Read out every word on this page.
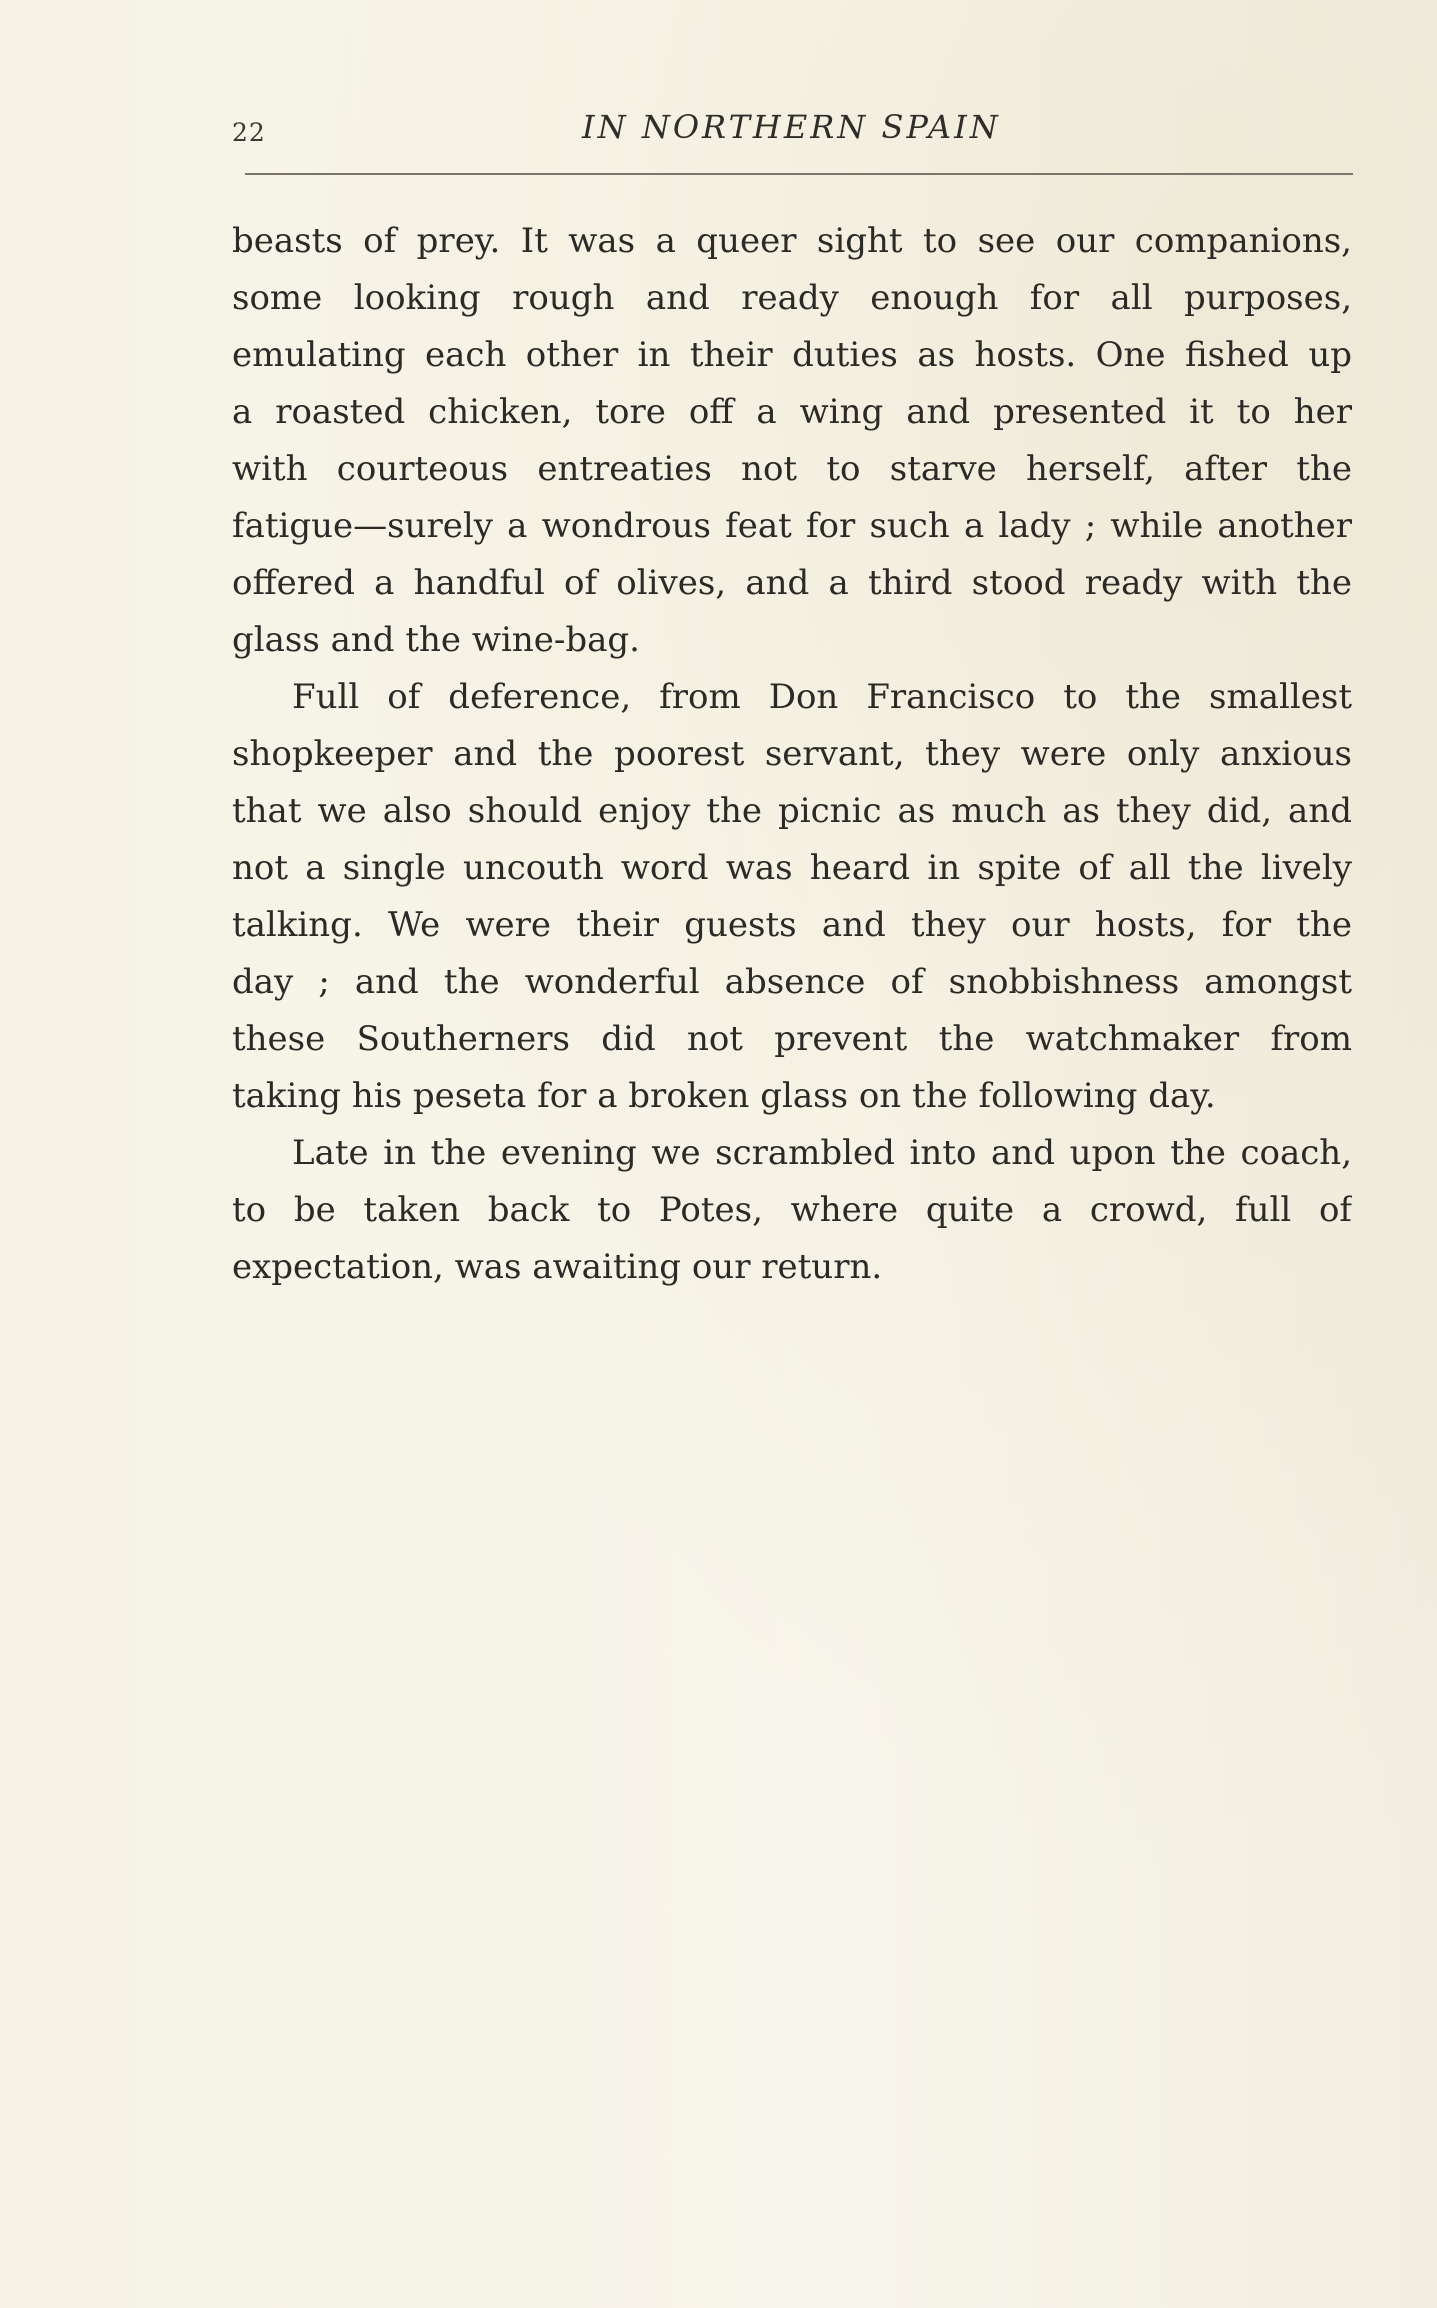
22	IN NORTHERN SPAIN
beasts of prey. It was a queer sight to see our companions,
some looking rough and ready enough for all purposes,
emulating each other in their duties as hosts. One fished up
a roasted chicken, tore off a wing and presented it to her
with courteous entreaties not to starve herself, after the
fatigue—surely a wondrous feat for such a lady ; while another
offered a handful of olives, and a third stood ready with the
glass and the wine-bag.
Full of deference, from Don Francisco to the smallest
shopkeeper and the poorest servant, they were only anxious
that we also should enjoy the picnic as much as they did, and
not a single uncouth word was heard in spite of all the lively
talking. We were their guests and they our hosts, for the
day ; and the wonderful absence of snobbishness amongst
these Southerners did not prevent the watchmaker from
taking his peseta for a broken glass on the following day.
Late in the evening we scrambled into and upon the coach,
to be taken back to Potes, where quite a crowd, full of
expectation, was awaiting our return.
